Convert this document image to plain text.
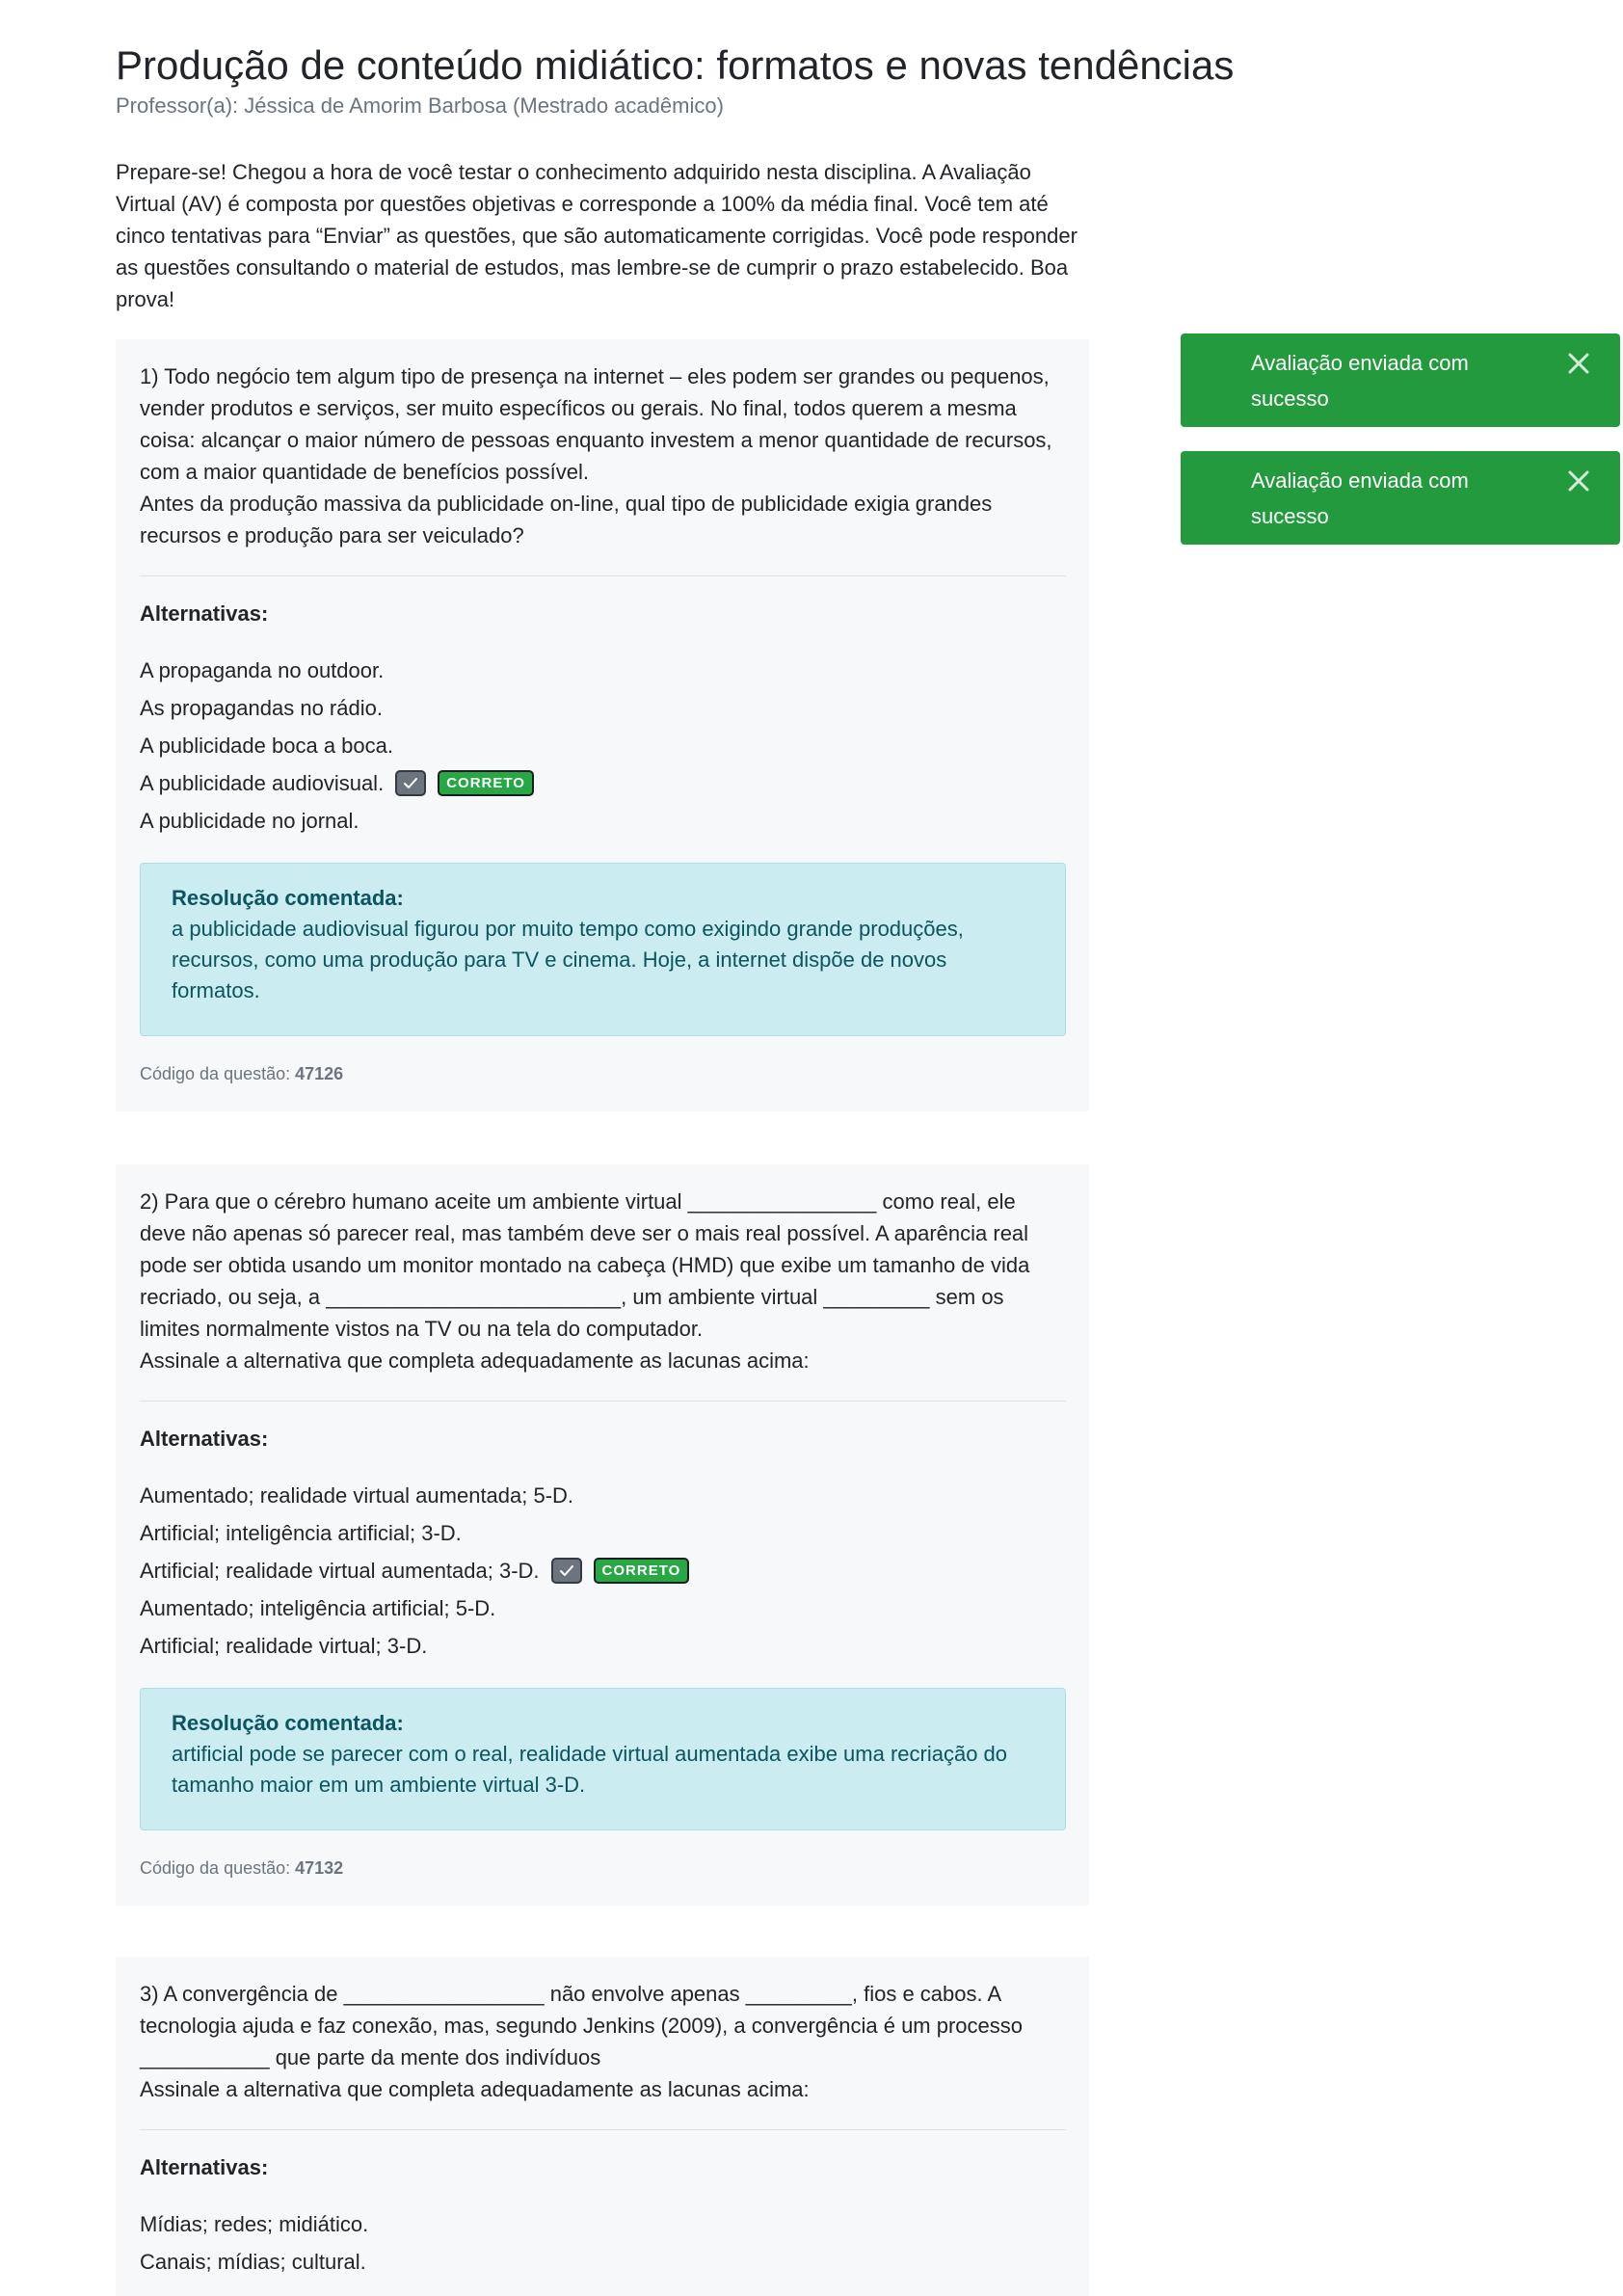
Produção de conteúdo midiático: formatos e novas tendências
Professor(a): Jéssica de Amorim Barbosa (Mestrado acadêmico)
Prepare-se! Chegou a hora de você testar o conhecimento adquirido nesta disciplina. A Avaliação Virtual (AV) é composta por questões objetivas e corresponde a 100% da média final. Você tem até cinco tentativas para “Enviar” as questões, que são automaticamente corrigidas. Você pode responder as questões consultando o material de estudos, mas lembre-se de cumprir o prazo estabelecido. Boa prova!
Avaliação enviada com sucesso
Avaliação enviada com sucesso
1) Todo negócio tem algum tipo de presença na internet – eles podem ser grandes ou pequenos, vender produtos e serviços, ser muito específicos ou gerais. No final, todos querem a mesma coisa: alcançar o maior número de pessoas enquanto investem a menor quantidade de recursos, com a maior quantidade de benefícios possível.
Antes da produção massiva da publicidade on-line, qual tipo de publicidade exigia grandes recursos e produção para ser veiculado?
Alternativas:
A propaganda no outdoor.
As propagandas no rádio.
A publicidade boca a boca.
A publicidade audiovisual.	CORRETO
A publicidade no jornal.
Resolução comentada:
a publicidade audiovisual figurou por muito tempo como exigindo grande produções, recursos, como uma produção para TV e cinema. Hoje, a internet dispõe de novos formatos.
Código da questão: 47126
2) Para que o cérebro humano aceite um ambiente virtual ________________ como real, ele deve não apenas só parecer real, mas também deve ser o mais real possível. A aparência real pode ser obtida usando um monitor montado na cabeça (HMD) que exibe um tamanho de vida recriado, ou seja, a _________________________, um ambiente virtual _________ sem os limites normalmente vistos na TV ou na tela do computador.
Assinale a alternativa que completa adequadamente as lacunas acima:
Alternativas:
Aumentado; realidade virtual aumentada; 5-D.
Artificial; inteligência artificial; 3-D.
Artificial; realidade virtual aumentada; 3-D.	CORRETO
Aumentado; inteligência artificial; 5-D.
Artificial; realidade virtual; 3-D.
Resolução comentada:
artificial pode se parecer com o real, realidade virtual aumentada exibe uma recriação do tamanho maior em um ambiente virtual 3-D.
Código da questão: 47132
3) A convergência de _________________ não envolve apenas _________, fios e cabos. A tecnologia ajuda e faz conexão, mas, segundo Jenkins (2009), a convergência é um processo ___________ que parte da mente dos indivíduos
Assinale a alternativa que completa adequadamente as lacunas acima:
Alternativas:
Mídias; redes; midiático.
Canais; mídias; cultural.
